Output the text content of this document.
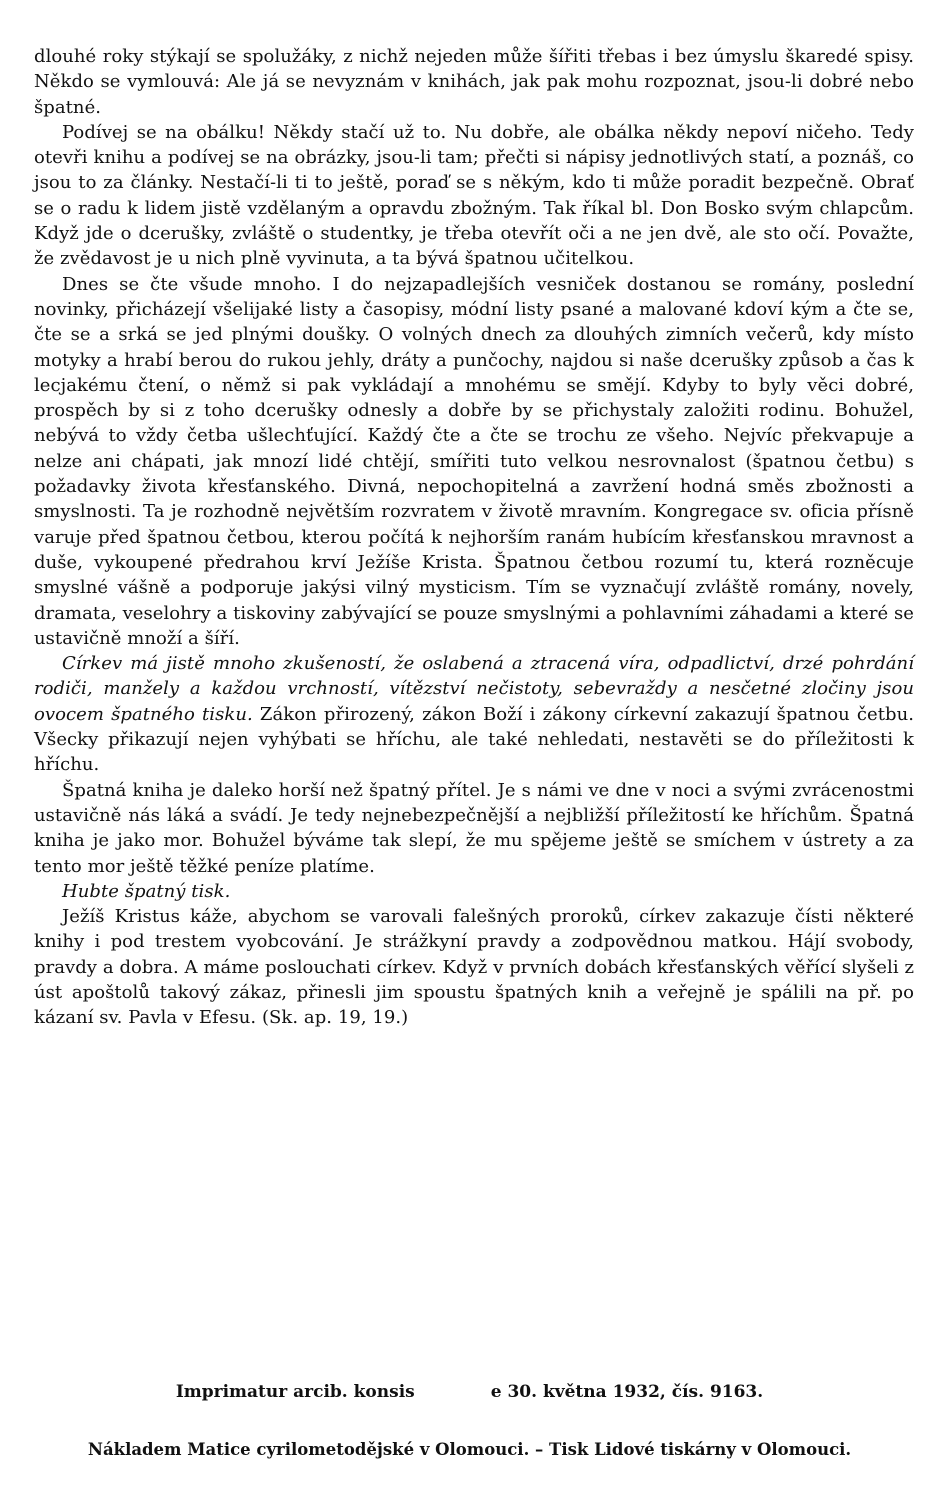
dlouhé roky stýkají se spolužáky, z nichž nejeden může šířiti třebas i bez úmyslu škaredé spisy. Někdo se vymlouvá: Ale já se nevyznám v knihách, jak pak mohu rozpoznat, jsou-li dobré nebo špatné.

Podívej se na obálku! Někdy stačí už to. Nu dobře, ale obálka někdy nepoví ničeho. Tedy otevři knihu a podívej se na obrázky, jsou-li tam; přečti si nápisy jednotlivých statí, a poznáš, co jsou to za články. Nestačí-li ti to ještě, poraď se s někým, kdo ti může poradit bezpečně. Obrať se o radu k lidem jistě vzdělaným a opravdu zbožným. Tak říkal bl. Don Bosko svým chlapcům. Když jde o dcerušky, zvláště o studentky, je třeba otevřít oči a ne jen dvě, ale sto očí. Považte, že zvědavost je u nich plně vyvinuta, a ta bývá špatnou učitelkou.

Dnes se čte všude mnoho. I do nejzapadlejších vesniček dostanou se romány, poslední novinky, přicházejí všelijaké listy a časopisy, módní listy psané a malované kdoví kým a čte se, čte se a srká se jed plnými doušky. O volných dnech za dlouhých zimních večerů, kdy místo motyky a hrabí berou do rukou jehly, dráty a punčochy, najdou si naše dcerušky způsob a čas k lecjakému čtení, o němž si pak vykládají a mnohému se smějí. Kdyby to byly věci dobré, prospěch by si z toho dcerušky odnesly a dobře by se přichystaly založiti rodinu. Bohužel, nebývá to vždy četba ušlechťující. Každý čte a čte se trochu ze všeho. Nejvíc překvapuje a nelze ani chápati, jak mnozí lidé chtějí, smířiti tuto velkou nesrovnalost (špatnou četbu) s požadavky života křesťanského. Divná, nepochopitelná a zavržení hodná směs zbožnosti a smyslnosti. Ta je rozhodně největším rozvratem v životě mravním. Kongregace sv. oficia přísně varuje před špatnou četbou, kterou počítá k nejhorším ranám hubícím křesťanskou mravnost a duše, vykoupené předrahou krví Ježíše Krista. Špatnou četbou rozumí tu, která rozněcuje smyslné vášně a podporuje jakýsi vilný mysticism. Tím se vyznačují zvláště romány, novely, dramata, veselohry a tiskoviny zabývající se pouze smyslnými a pohlavními záhadami a které se ustavičně množí a šíří.

Církev má jistě mnoho zkušeností, že oslabená a ztracená víra, odpadlictví, drzé pohrdání rodiči, manžely a každou vrchností, vítězství nečistoty, sebevraždy a nesčetné zločiny jsou ovocem špatného tisku. Zákon přirozený, zákon Boží i zákony církevní zakazují špatnou četbu. Všecky přikazují nejen vyhýbati se hříchu, ale také nehledati, nestavěti se do příležitosti k hříchu.

Špatná kniha je daleko horší než špatný přítel. Je s námi ve dne v noci a svými zvrácenostmi ustavičně nás láká a svádí. Je tedy nejnebezpečnější a nejbližší příležitostí ke hříchům. Špatná kniha je jako mor. Bohužel býváme tak slepí, že mu spějeme ještě se smíchem v ústrety a za tento mor ještě těžké peníze platíme.

Hubte špatný tisk.

Ježíš Kristus káže, abychom se varovali falešných proroků, církev zakazuje čísti některé knihy i pod trestem vyobcování. Je strážkyní pravdy a zodpovědnou matkou. Hájí svobody, pravdy a dobra. A máme poslouchati církev. Když v prvních dobách křesťanských věřící slyšeli z úst apoštolů takový zákaz, přinesli jim spoustu špatných knih a veřejně je spálili na př. po kázaní sv. Pavla v Efesu. (Sk. ap. 19, 19.)

Imprimatur arcib. konsis	e 30. května 1932, čís. 9163.
Nákladem Matice cyrilometodějské v Olomouci. – Tisk Lidové tiskárny v Olomouci.
